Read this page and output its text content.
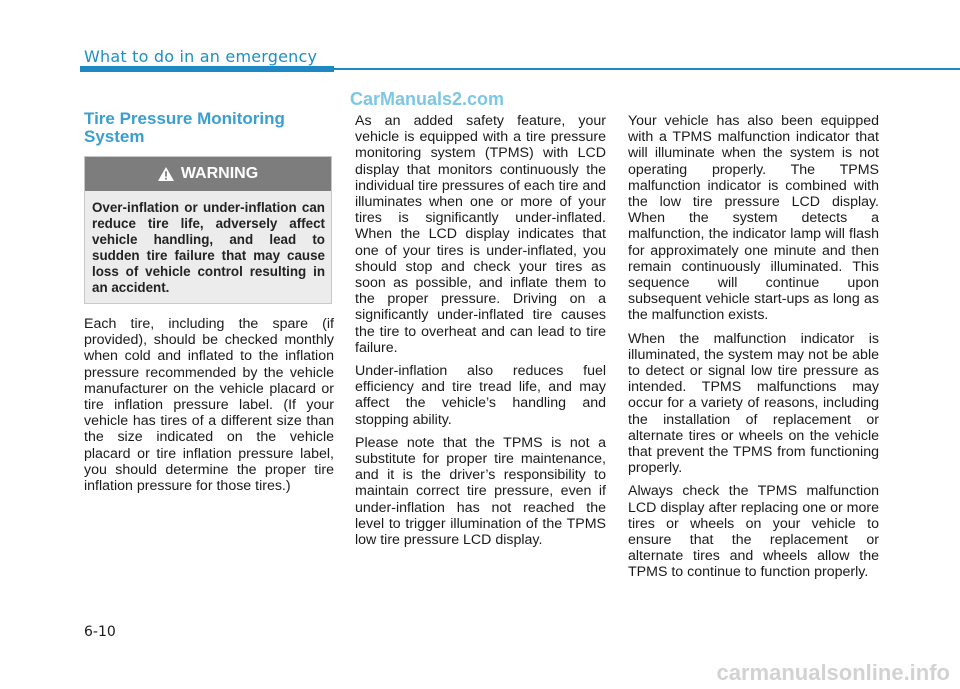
What to do in an emergency
CarManuals2.com
Tire Pressure Monitoring System
WARNING
Over-inflation or under-inflation can reduce tire life, adversely affect vehicle handling, and lead to sudden tire failure that may cause loss of vehicle control resulting in an accident.

Each tire, including the spare (if provided), should be checked monthly when cold and inflated to the inflation pressure recommended by the vehicle manufacturer on the vehicle placard or tire inflation pressure label. (If your vehicle has tires of a different size than the size indicated on the vehicle placard or tire inflation pressure label, you should determine the proper tire inflation pressure for those tires.)

As an added safety feature, your vehicle is equipped with a tire pressure monitoring system (TPMS) with LCD display that monitors continuously the individual tire pressures of each tire and illuminates when one or more of your tires is significantly under-inflated. When the LCD display indicates that one of your tires is under-inflated, you should stop and check your tires as soon as possible, and inflate them to the proper pressure. Driving on a significantly under-inflated tire causes the tire to overheat and can lead to tire failure.

Under-inflation also reduces fuel efficiency and tire tread life, and may affect the vehicle’s handling and stopping ability.

Please note that the TPMS is not a substitute for proper tire maintenance, and it is the driver’s responsibility to maintain correct tire pressure, even if under-inflation has not reached the level to trigger illumination of the TPMS low tire pressure LCD display.

Your vehicle has also been equipped with a TPMS malfunction indicator that will illuminate when the system is not operating properly. The TPMS malfunction indicator is combined with the low tire pressure LCD display. When the system detects a malfunction, the indicator lamp will flash for approximately one minute and then remain continuously illuminated. This sequence will continue upon subsequent vehicle start-ups as long as the malfunction exists.

When the malfunction indicator is illuminated, the system may not be able to detect or signal low tire pressure as intended. TPMS malfunctions may occur for a variety of reasons, including the installation of replacement or alternate tires or wheels on the vehicle that prevent the TPMS from functioning properly.

Always check the TPMS malfunction LCD display after replacing one or more tires or wheels on your vehicle to ensure that the replacement or alternate tires and wheels allow the TPMS to continue to function properly.

6-10
carmanualsonline.info
